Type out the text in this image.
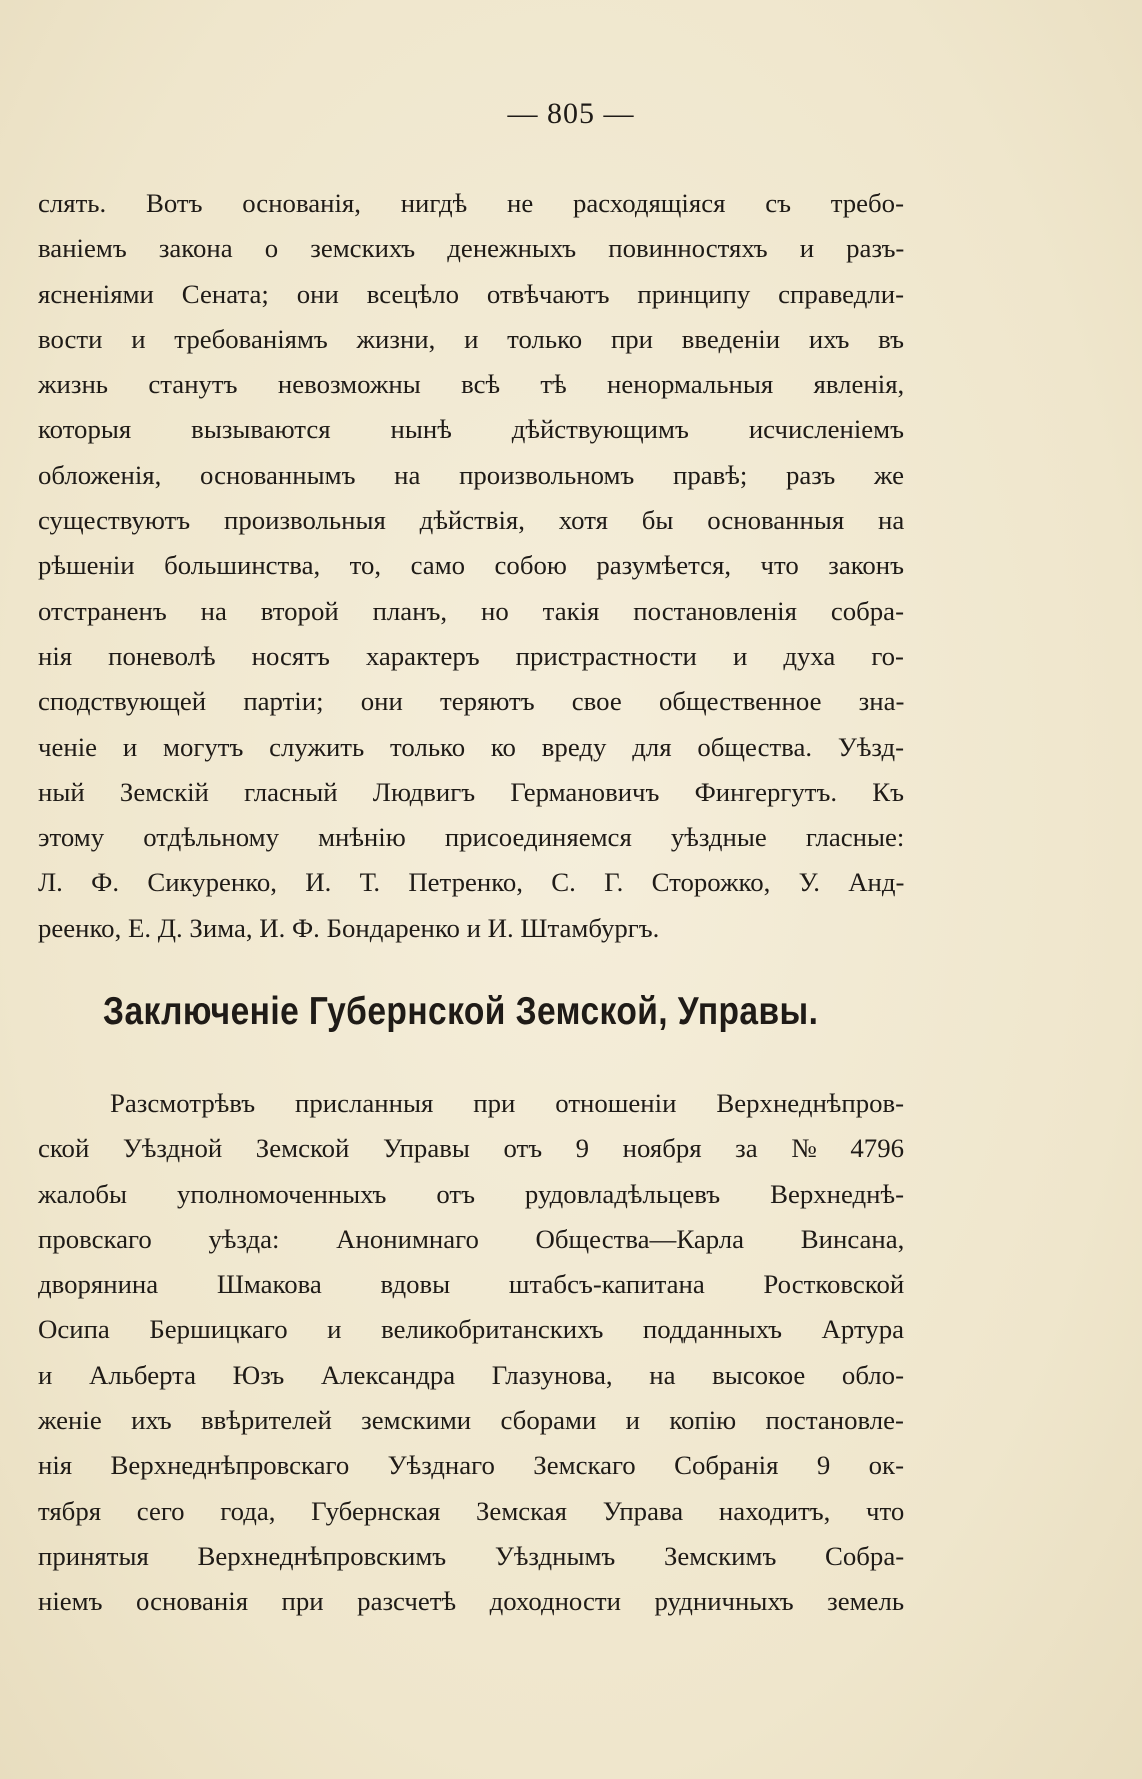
— 805 —
слять. Вотъ основанія, нигдѣ не расходящіяся съ требо-
ваніемъ закона о земскихъ денежныхъ повинностяхъ и разъ-
ясненіями Сената; они всецѣло отвѣчаютъ принципу справедли-
вости и требованіямъ жизни, и только при введеніи ихъ въ
жизнь станутъ невозможны всѣ тѣ ненормальныя явленія,
которыя вызываются нынѣ дѣйствующимъ исчисленіемъ
обложенія, основаннымъ на произвольномъ правѣ; разъ же
существуютъ произвольныя дѣйствія, хотя бы основанныя на
рѣшеніи большинства, то, само собою разумѣется, что законъ
отстраненъ на второй планъ, но такія постановленія собра-
нія поневолѣ носятъ характеръ пристрастности и духа го-
сподствующей партіи; они теряютъ свое общественное зна-
ченіе и могутъ служить только ко вреду для общества. Уѣзд-
ный Земскій гласный Людвигъ Германовичъ Фингергутъ. Къ
этому отдѣльному мнѣнію присоединяемся уѣздные гласные:
Л. Ф. Сикуренко, И. Т. Петренко, С. Г. Сторожко, У. Анд-
реенко, Е. Д. Зима, И. Ф. Бондаренко и И. Штамбургъ.
Заключеніе Губернской Земской, Управы.
Разсмотрѣвъ присланныя при отношеніи Верхнеднѣпров-
ской Уѣздной Земской Управы отъ 9 ноября за № 4796
жалобы уполномоченныхъ отъ рудовладѣльцевъ Верхнеднѣ-
провскаго уѣзда: Анонимнаго Общества—Карла Винсана,
дворянина Шмакова вдовы штабсъ-капитана Ростковской
Осипа Бершицкаго и великобританскихъ подданныхъ Артура
и Альберта Юзъ Александра Глазунова, на высокое обло-
женіе ихъ ввѣрителей земскими сборами и копію постановле-
нія Верхнеднѣпровскаго Уѣзднаго Земскаго Собранія 9 ок-
тября сего года, Губернская Земская Управа находитъ, что
принятыя Верхнеднѣпровскимъ Уѣзднымъ Земскимъ Собра-
ніемъ основанія при разсчетѣ доходности рудничныхъ земель
